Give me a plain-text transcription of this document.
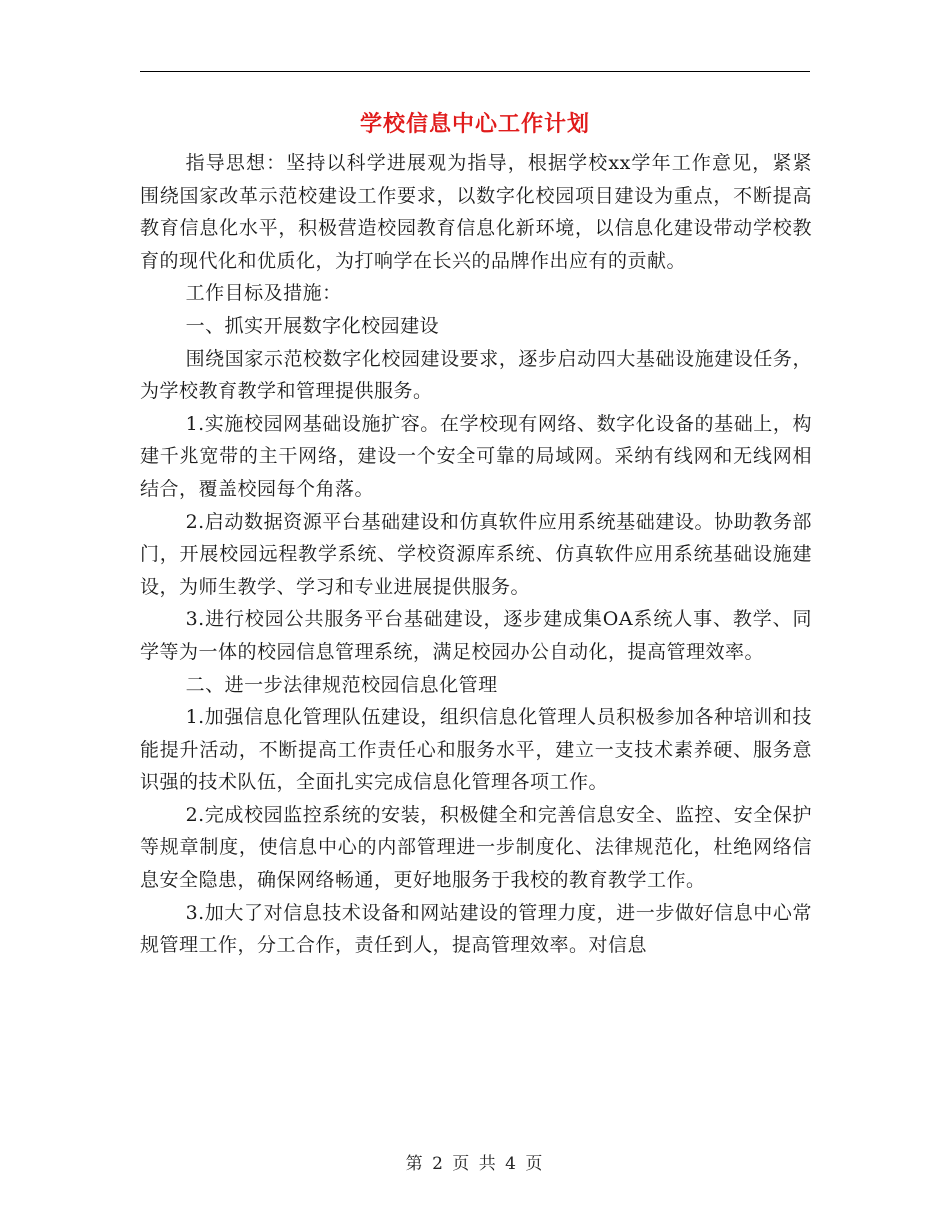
学校信息中心工作计划

指导思想：坚持以科学进展观为指导，根据学校xx学年工作意见，紧紧围绕国家改革示范校建设工作要求，以数字化校园项目建设为重点，不断提高教育信息化水平，积极营造校园教育信息化新环境，以信息化建设带动学校教育的现代化和优质化，为打响学在长兴的品牌作出应有的贡献。

工作目标及措施：

一、抓实开展数字化校园建设

围绕国家示范校数字化校园建设要求，逐步启动四大基础设施建设任务，为学校教育教学和管理提供服务。

1.实施校园网基础设施扩容。在学校现有网络、数字化设备的基础上，构建千兆宽带的主干网络，建设一个安全可靠的局域网。采纳有线网和无线网相结合，覆盖校园每个角落。

2.启动数据资源平台基础建设和仿真软件应用系统基础建设。协助教务部门，开展校园远程教学系统、学校资源库系统、仿真软件应用系统基础设施建设，为师生教学、学习和专业进展提供服务。

3.进行校园公共服务平台基础建设，逐步建成集OA系统人事、教学、同学等为一体的校园信息管理系统，满足校园办公自动化，提高管理效率。

二、进一步法律规范校园信息化管理

1.加强信息化管理队伍建设，组织信息化管理人员积极参加各种培训和技能提升活动，不断提高工作责任心和服务水平，建立一支技术素养硬、服务意识强的技术队伍，全面扎实完成信息化管理各项工作。

2.完成校园监控系统的安装，积极健全和完善信息安全、监控、安全保护等规章制度，使信息中心的内部管理进一步制度化、法律规范化，杜绝网络信息安全隐患，确保网络畅通，更好地服务于我校的教育教学工作。

3.加大了对信息技术设备和网站建设的管理力度，进一步做好信息中心常规管理工作，分工合作，责任到人，提高管理效率。对信息

第 2 页 共 4 页
